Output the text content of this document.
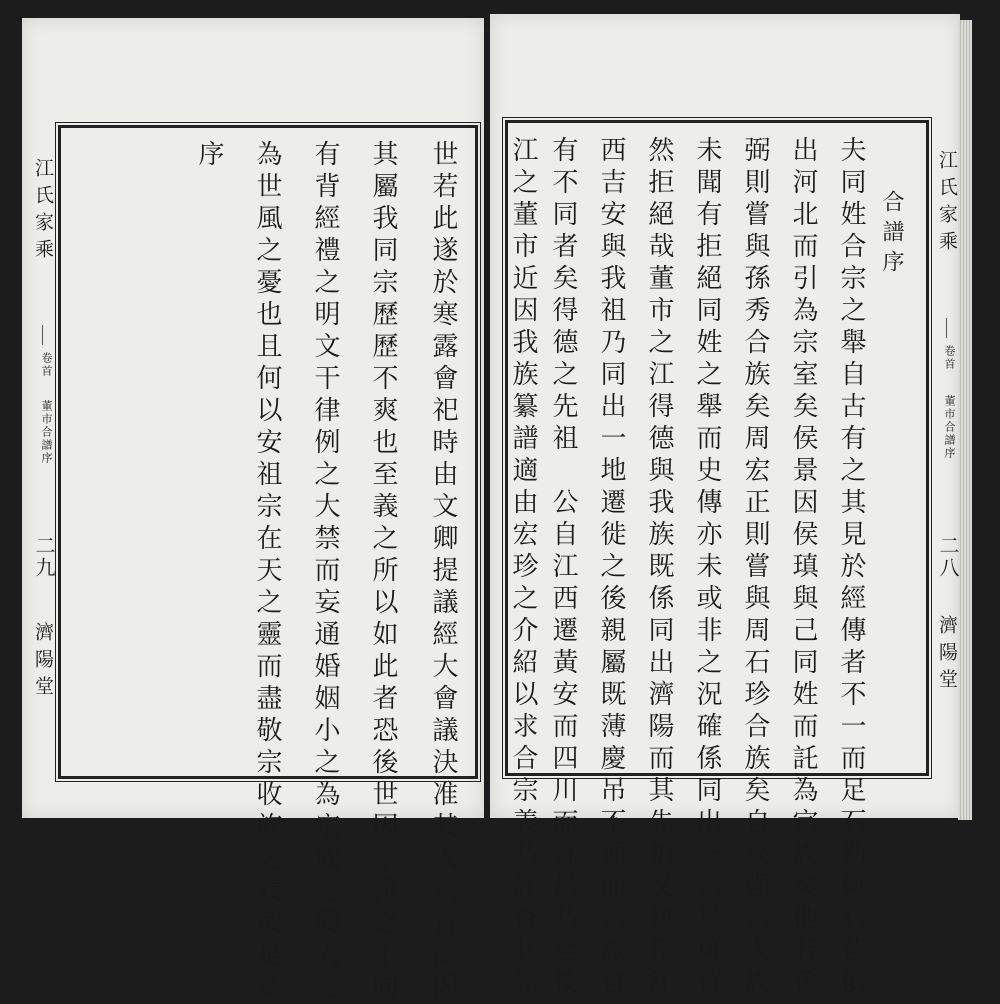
江氏家乘
卷首
董市合譜序
二九
濟陽堂	世若此遂於寒露會祀時由文卿提議經大會議決准其入宗合譜因
其屬我同宗歷歷不爽也至義之所以如此者恐後世因宗派之不同
有背經禮之明文干律例之大禁而妄通婚姻小之為宗族之變大之
為世風之憂也且何以安祖宗在天之靈而盡敬宗收族之義哉是為
序
合譜序
夫同姓合宗之舉自古有之其見於經傳者不一而足石勒與石苞俱
出河北而引為宗室矣侯景因侯瑱與己同姓而託為宗族矣他若孫
弼則嘗與孫秀合族矣周宏正則嘗與周石珍合族矣自來强宗大族
未聞有拒絕同姓之舉而史傳亦未或非之況確係同出一宗烏可貿
然拒絕哉董市之江得德與我族既係同出濟陽而其先祖又建籍江
西吉安與我祖乃同出一地遷徙之後親屬既薄慶吊不通而宗派自
有不同者矣得德之先祖　公自江西遷黃安而四川而宜昌乃至枝
江之董市近因我族纂譜適由宏珍之介紹以求合宗義乃詳查其先	江氏家乘
卷首
董市合譜序
二八
濟陽堂
